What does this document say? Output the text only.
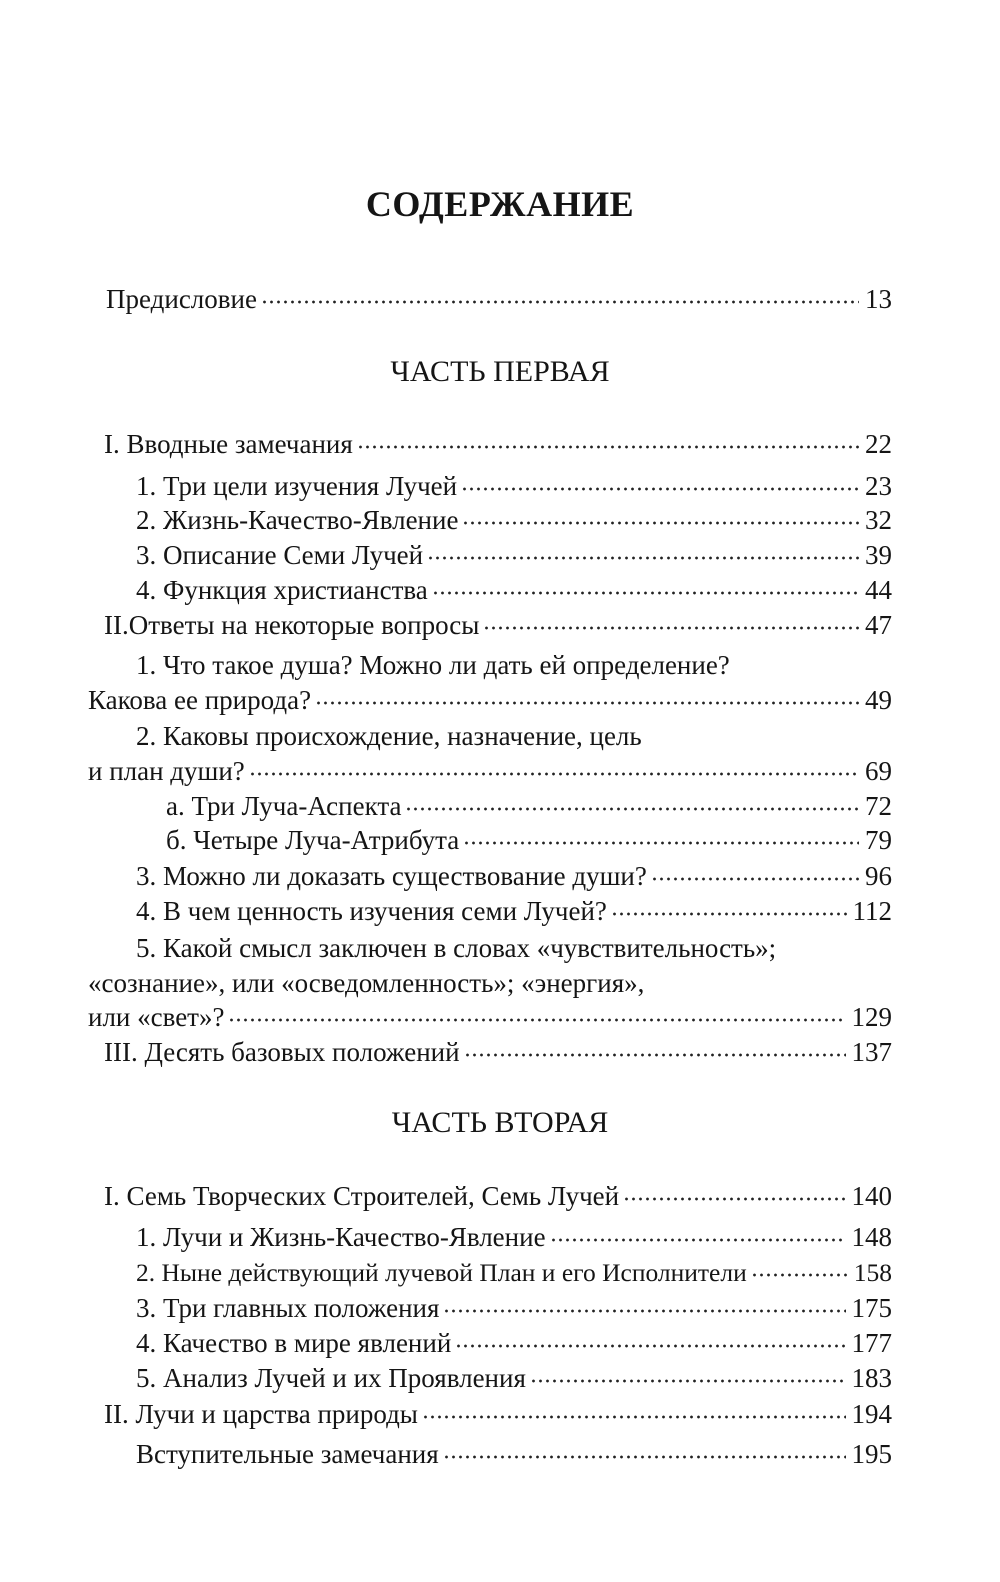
СОДЕРЖАНИЕ
Предисловие	13
ЧАСТЬ ПЕРВАЯ
I. Вводные замечания	22
1. Три цели изучения Лучей	23
2. Жизнь-Качество-Явление	32
3. Описание Семи Лучей	39
4. Функция христианства	44
II.Ответы на некоторые вопросы	47
1. Что такое душа? Можно ли дать ей определение?
Какова ее природа?	49
2. Каковы происхождение, назначение, цель
и план души?	69
а. Три Луча-Аспекта	72
б. Четыре Луча-Атрибута	79
3. Можно ли доказать существование души?	96
4. В чем ценность изучения семи Лучей?	112
5. Какой смысл заключен в словах «чувствительность»;
«сознание», или «осведомленность»; «энергия»,
или «свет»?	129
III. Десять базовых положений	137
ЧАСТЬ ВТОРАЯ
I. Семь Творческих Строителей, Семь Лучей	140
1. Лучи и Жизнь-Качество-Явление	148
2. Ныне действующий лучевой План и его Исполнители	158
3. Три главных положения	175
4. Качество в мире явлений	177
5. Анализ Лучей и их Проявления	183
II. Лучи и царства природы	194
Вступительные замечания	195
